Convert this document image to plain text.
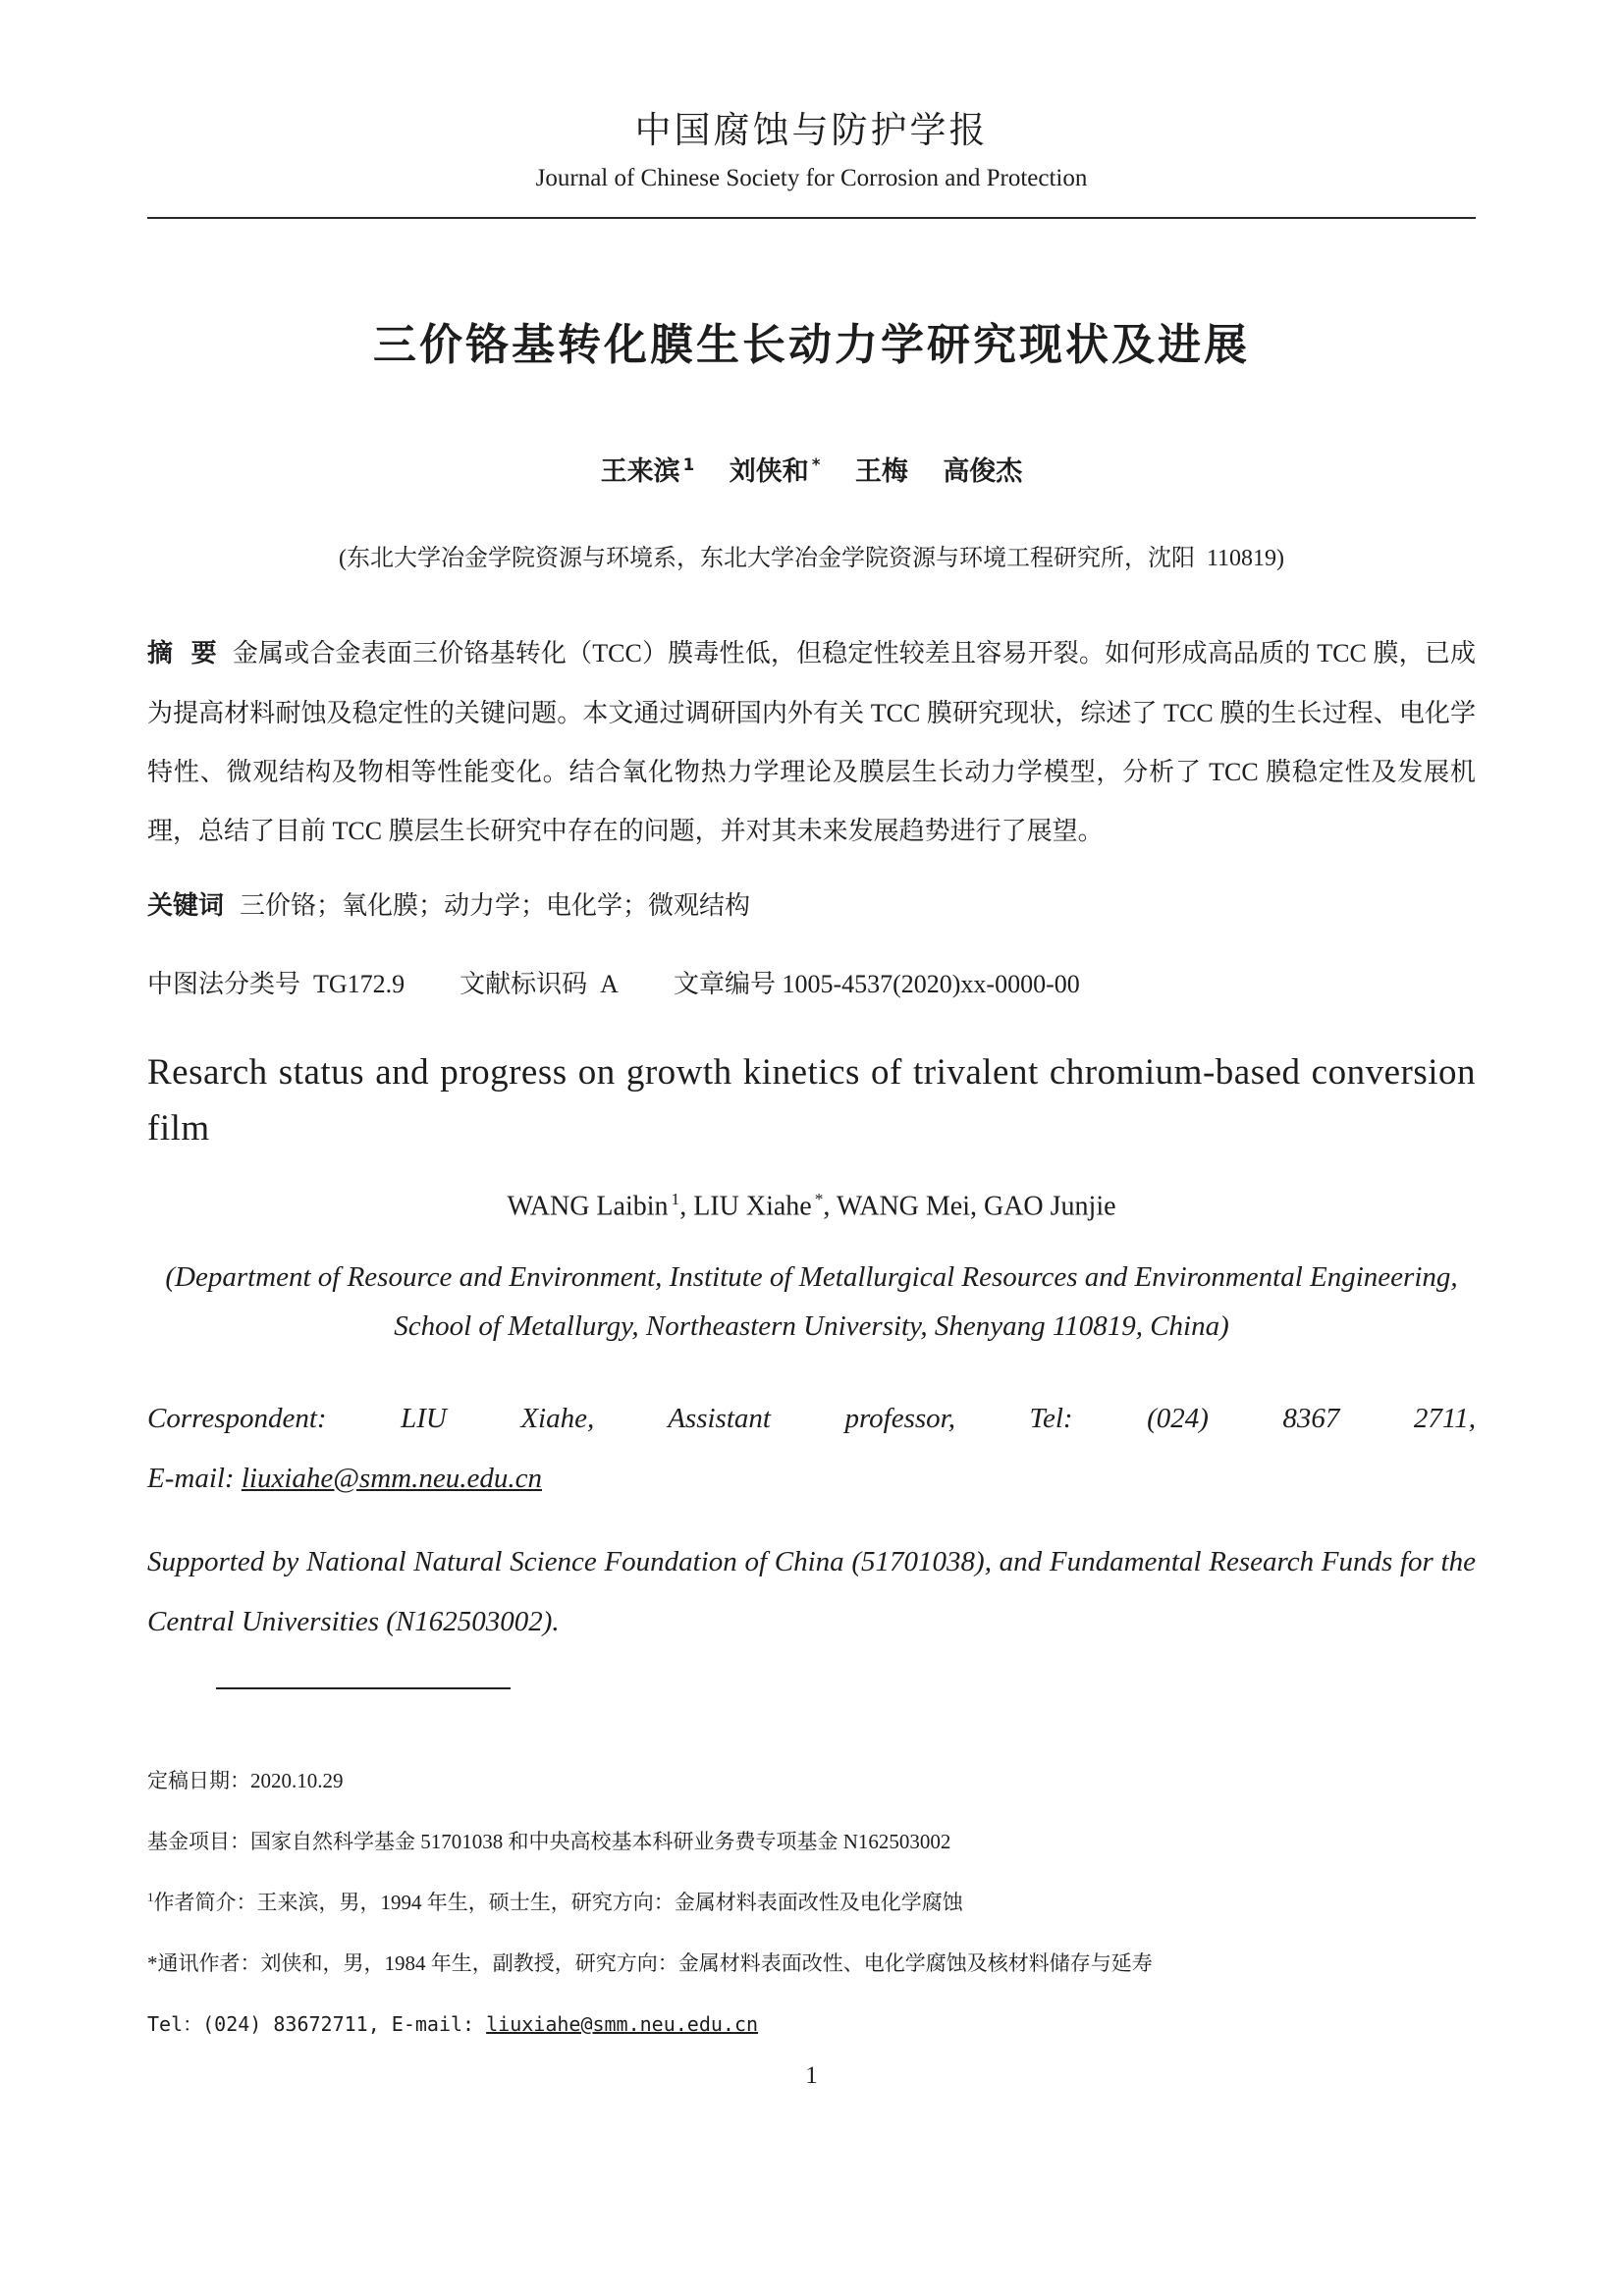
中国腐蚀与防护学报
Journal of Chinese Society for Corrosion and Protection
三价铬基转化膜生长动力学研究现状及进展
王来滨 $^1$ 刘侠和 * 王梅 高俊杰
(东北大学冶金学院资源与环境系，东北大学冶金学院资源与环境工程研究所，沈阳  110819)

摘  要 金属或合金表面三价铬基转化（TCC）膜毒性低，但稳定性较差且容易开裂。如何形成高品质的 TCC 膜，已成为提高材料耐蚀及稳定性的关键问题。本文通过调研国内外有关 TCC 膜研究现状，综述了 TCC 膜的生长过程、电化学特性、微观结构及物相等性能变化。结合氧化物热力学理论及膜层生长动力学模型，分析了 TCC 膜稳定性及发展机理，总结了目前 TCC 膜层生长研究中存在的问题，并对其未来发展趋势进行了展望。

关键词 三价铬；氧化膜；动力学；电化学；微观结构

中图法分类号  TG172.9 文献标识码  A 文章编号 1005-4537(2020)xx-0000-00

Resarch status and progress on growth kinetics of trivalent chromium-based conversion film
WANG Laibin $^1$, LIU Xiahe *, WANG Mei, GAO Junjie
(Department of Resource and Environment, Institute of Metallurgical Resources and Environmental Engineering, School of Metallurgy, Northeastern University, Shenyang 110819, China)
Correspondent: LIU Xiahe, Assistant professor, Tel: (024) 8367 2711,
E-mail: liuxiahe@smm.neu.edu.cn

Supported by National Natural Science Foundation of China (51701038), and Fundamental Research Funds for the Central Universities (N162503002).

定稿日期：2020.10.29
基金项目：国家自然科学基金 51701038 和中央高校基本科研业务费专项基金 N162503002
$^1$作者简介：王来滨，男，1994 年生，硕士生，研究方向：金属材料表面改性及电化学腐蚀
*通讯作者：刘侠和，男，1984 年生，副教授，研究方向：金属材料表面改性、电化学腐蚀及核材料储存与延寿
Tel：(024) 83672711, E-mail: liuxiahe@smm.neu.edu.cn
1
